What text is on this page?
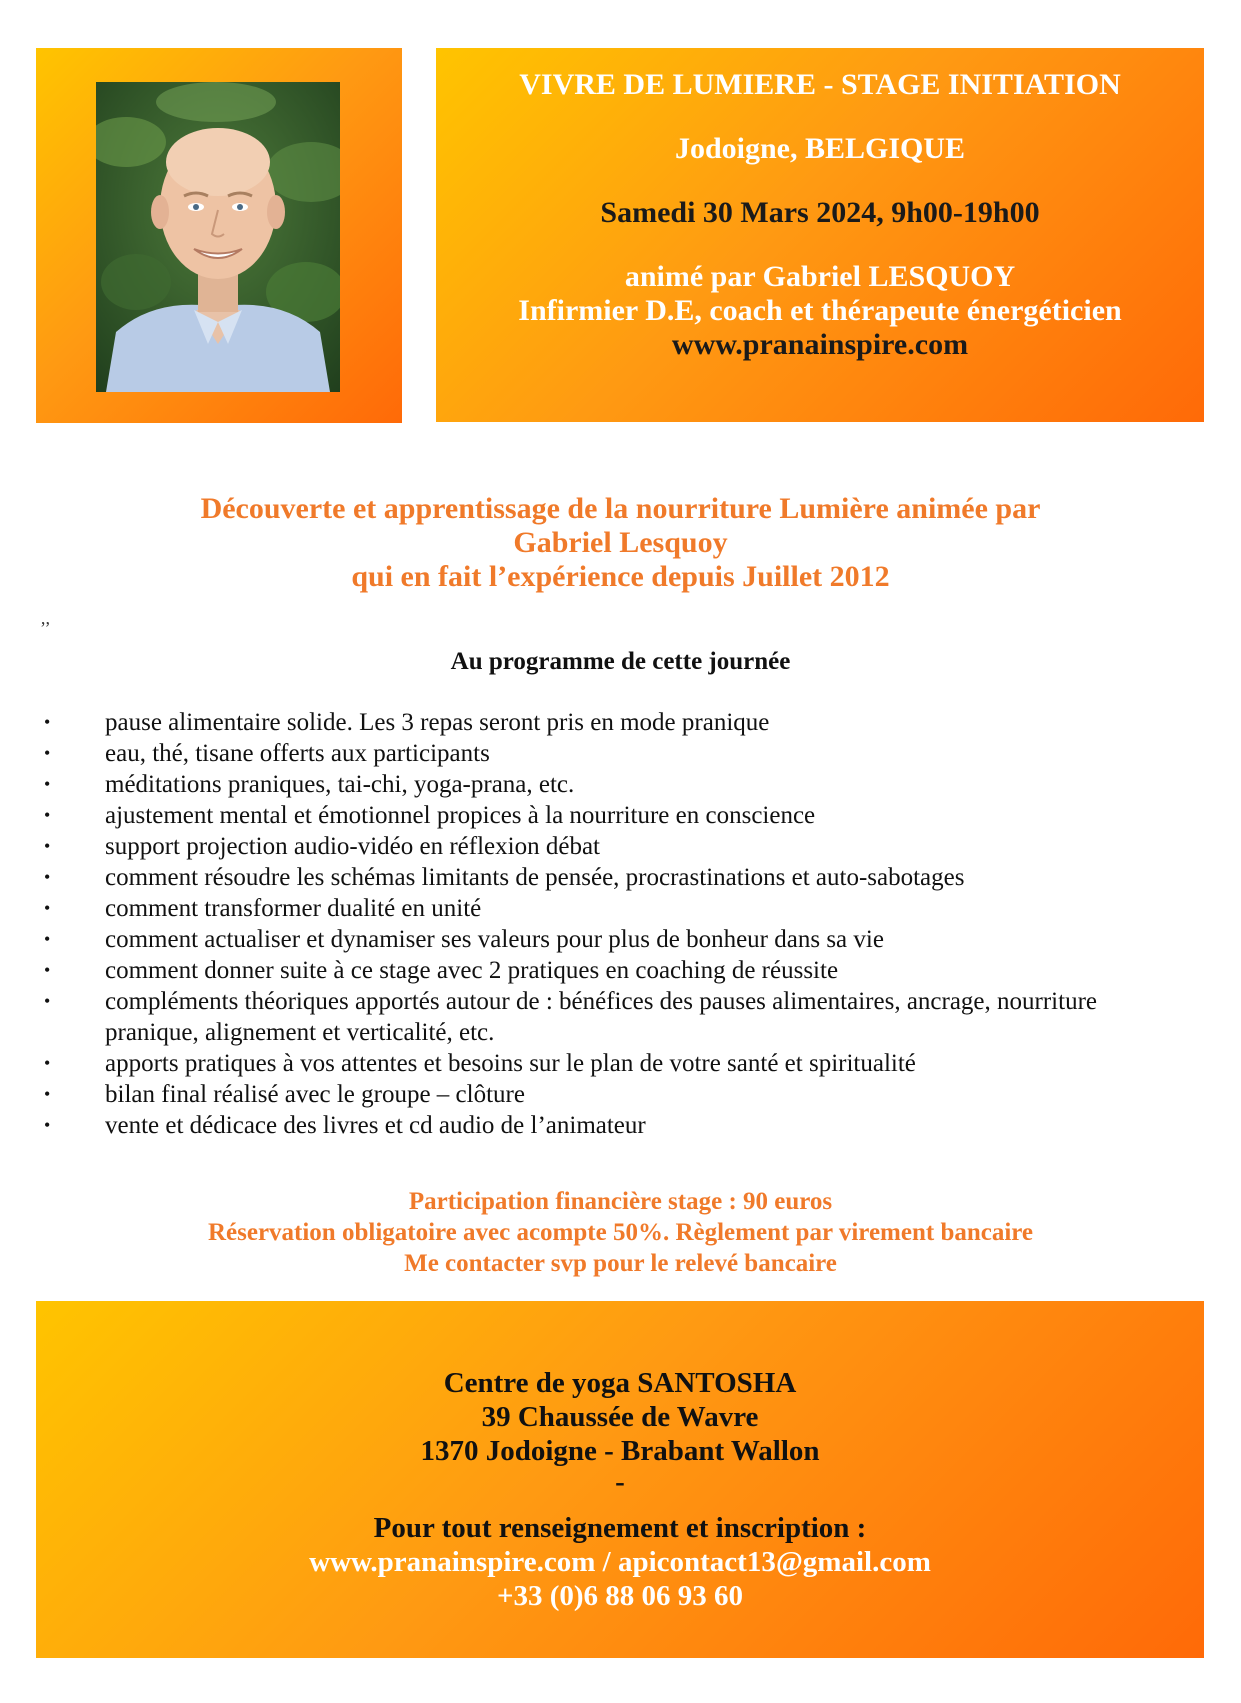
VIVRE DE LUMIERE - STAGE INITIATION
Jodoigne, BELGIQUE
Samedi 30 Mars 2024, 9h00-19h00
animé par Gabriel LESQUOY
Infirmier D.E, coach et thérapeute énergéticien
www.pranainspire.com
Découverte et apprentissage de la nourriture Lumière animée par
Gabriel Lesquoy
qui en fait l’expérience depuis Juillet 2012
’’
Au programme de cette journée
• pause alimentaire solide. Les 3 repas seront pris en mode pranique
• eau, thé, tisane offerts aux participants
• méditations praniques, tai-chi, yoga-prana, etc.
• ajustement mental et émotionnel propices à la nourriture en conscience
• support projection audio-vidéo en réflexion débat
• comment résoudre les schémas limitants de pensée, procrastinations et auto-sabotages
• comment transformer dualité en unité
• comment actualiser et dynamiser ses valeurs pour plus de bonheur dans sa vie
• comment donner suite à ce stage avec 2 pratiques en coaching de réussite
• compléments théoriques apportés autour de : bénéfices des pauses alimentaires, ancrage, nourriture pranique, alignement et verticalité, etc.
• apports pratiques à vos attentes et besoins sur le plan de votre santé et spiritualité
• bilan final réalisé avec le groupe – clôture
• vente et dédicace des livres et cd audio de l’animateur
Participation financière stage : 90 euros
Réservation obligatoire avec acompte 50%. Règlement par virement bancaire
Me contacter svp pour le relevé bancaire
Centre de yoga SANTOSHA
39 Chaussée de Wavre
1370 Jodoigne - Brabant Wallon
-
Pour tout renseignement et inscription :
www.pranainspire.com / apicontact13@gmail.com
+33 (0)6 88 06 93 60
